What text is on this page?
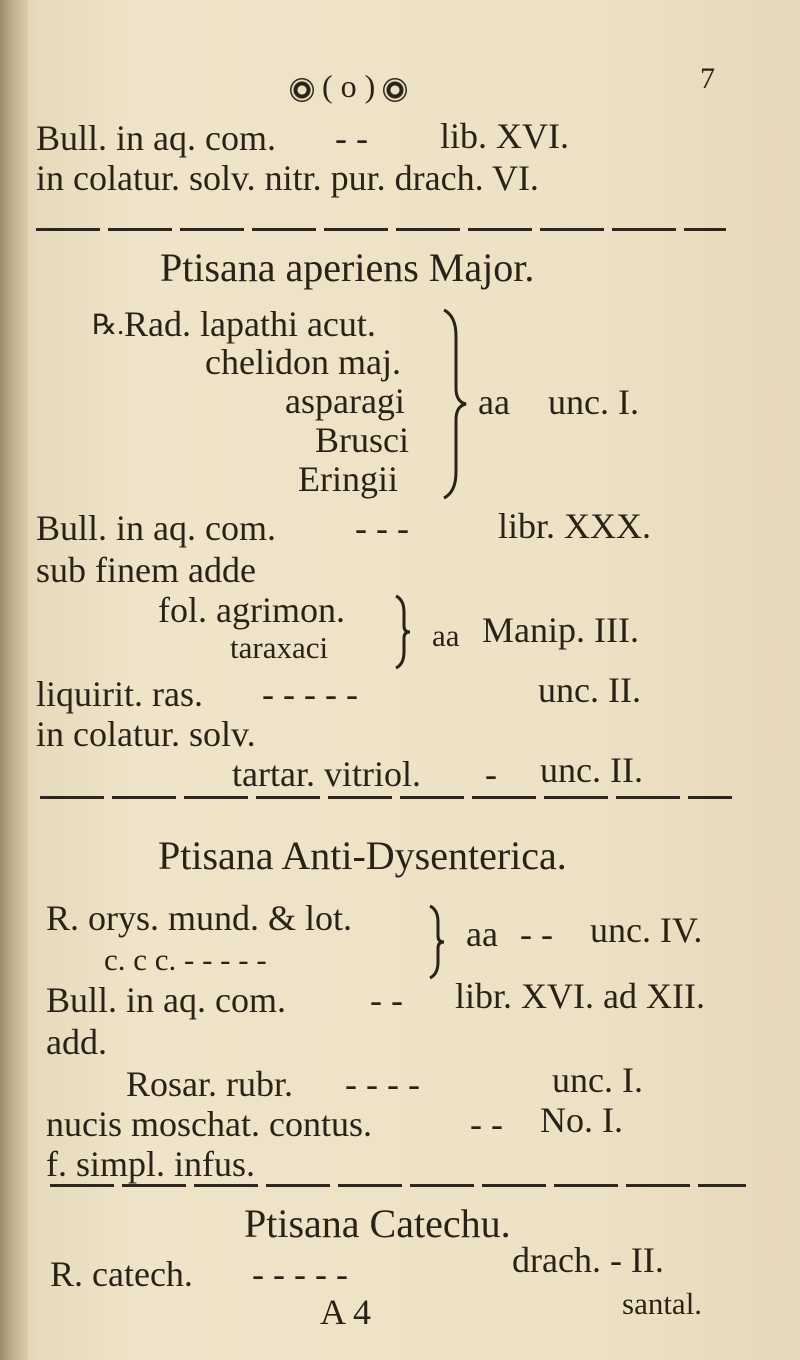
( o )	7
Bull. in aq. com. - - lib. XVI.
in colatur. solv. nitr. pur. drach. VI.
Ptisana aperiens Major.
℞. Rad. lapathi acut.
chelidon maj.
asparagi
Brusci
Eringii
aa unc. I.
Bull. in aq. com. - - - libr. XXX.
sub finem adde
fol. agrimon.
taraxaci	aa Manip. III.
liquirit. ras. - - - - -	unc. II.
in colatur. solv.
tartar. vitriol. - unc. II.
Ptisana Anti-Dysenterica.
R. orys. mund. & lot.
c. c c. - - - - -
aa - - unc. IV.
Bull. in aq. com. - - libr. XVI. ad XII.
add.
Rosar. rubr. - - - -	unc. I.
nucis moschat. contus.	- - No. I.
f. simpl. infus.
Ptisana Catechu.
R. catech. - - - - -	drach. - II.
A 4	santal.
